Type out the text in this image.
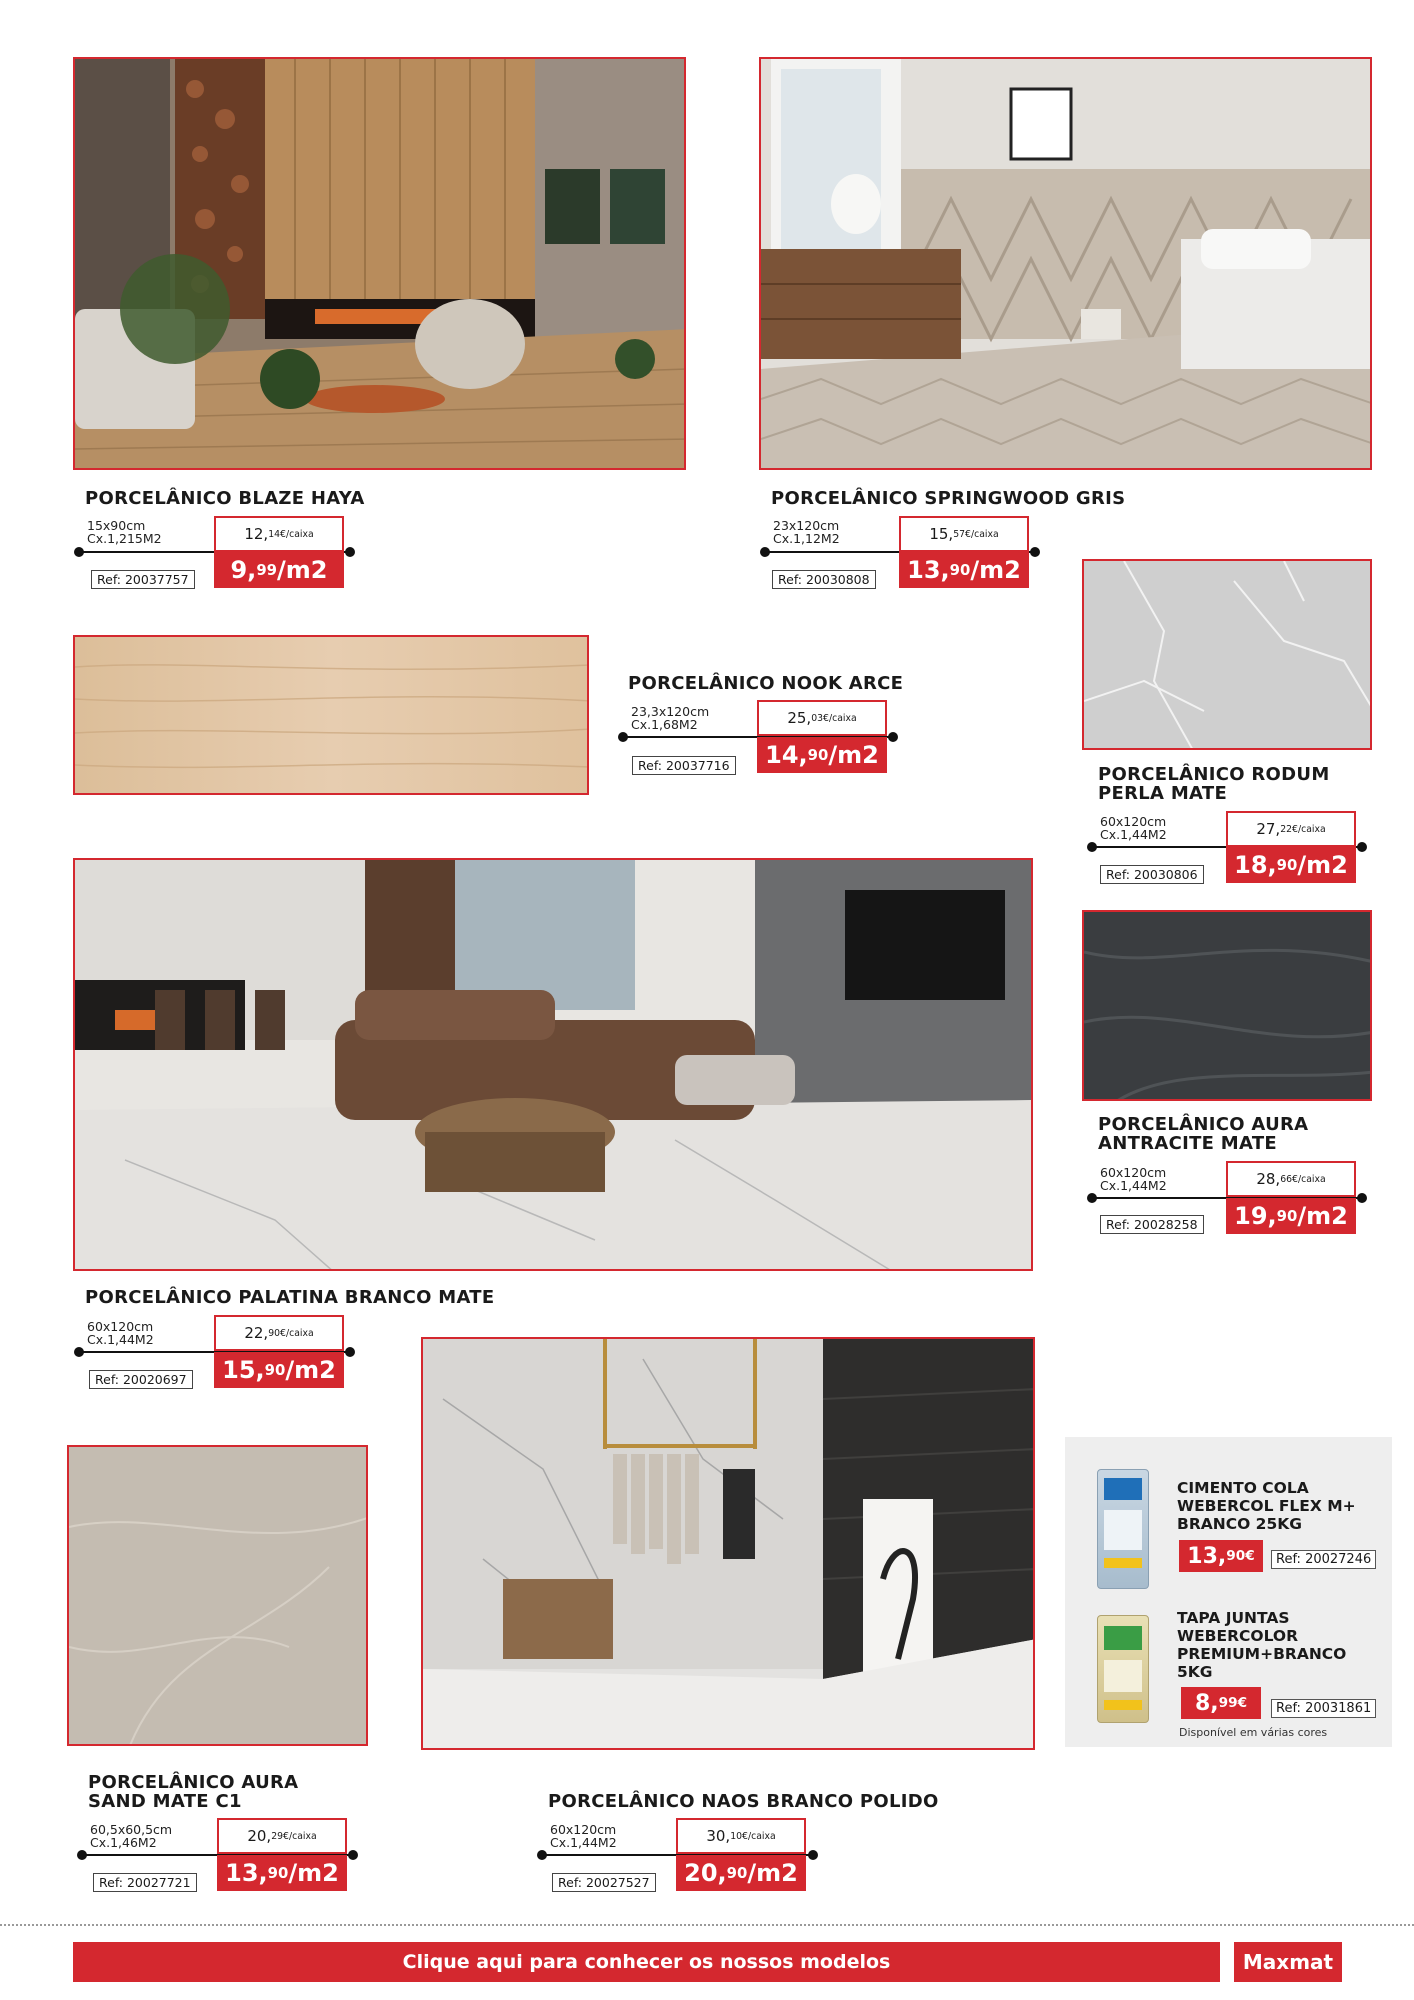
PORCELÂNICO BLAZE HAYA
15x90cm
Cx.1,215M2	12, 14 €/caixa
9, 99 /m2
Ref: 20037757
PORCELÂNICO SPRINGWOOD GRIS
23x120cm
Cx.1,12M2	15, 57 €/caixa
13, 90 /m2
Ref: 20030808
PORCELÂNICO NOOK ARCE
23,3x120cm
Cx.1,68M2	25, 03 €/caixa
14, 90 /m2
Ref: 20037716	PORCELÂNICO RODUM
PERLA MATE
60x120cm
Cx.1,44M2	27, 22 €/caixa
18, 90 /m2
Ref: 20030806
PORCELÂNICO AURA
ANTRACITE MATE
60x120cm
Cx.1,44M2	28, 66 €/caixa
19, 90 /m2
Ref: 20028258
PORCELÂNICO PALATINA BRANCO MATE
60x120cm
Cx.1,44M2	22, 90 €/caixa
15, 90 /m2
Ref: 20020697
PORCELÂNICO AURA
SAND MATE C1
60,5x60,5cm
Cx.1,46M2	20, 29 €/caixa
13, 90 /m2
Ref: 20027721
PORCELÂNICO NAOS BRANCO POLIDO
60x120cm
Cx.1,44M2	30, 10 €/caixa
20, 90 /m2
Ref: 20027527
CIMENTO COLA
WEBERCOL FLEX M+
BRANCO 25KG
13, 90€	Ref: 20027246
TAPA JUNTAS
WEBERCOLOR
PREMIUM+BRANCO
5KG
8, 99€	Ref: 20031861
Disponível em várias cores
Clique aqui para conhecer os nossos modelos	Maxmat
